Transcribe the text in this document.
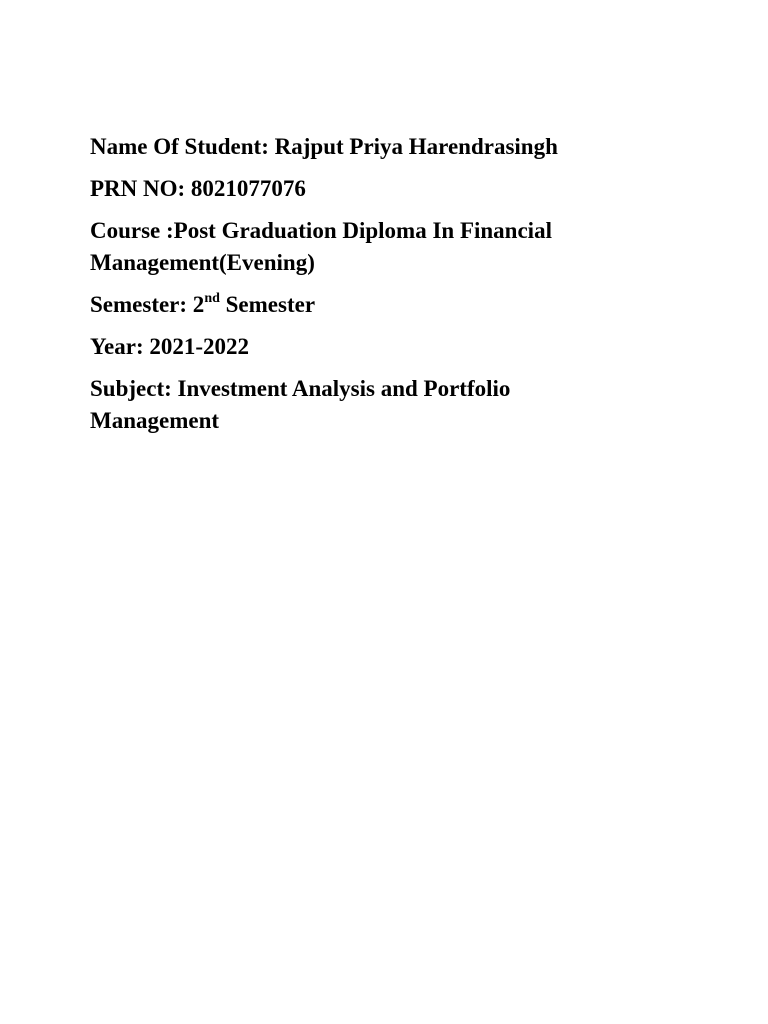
Name Of Student: Rajput Priya Harendrasingh
PRN NO: 8021077076
Course :Post Graduation Diploma In Financial
Management(Evening)
Semester: 2nd Semester
Year: 2021-2022
Subject: Investment Analysis and Portfolio
Management
